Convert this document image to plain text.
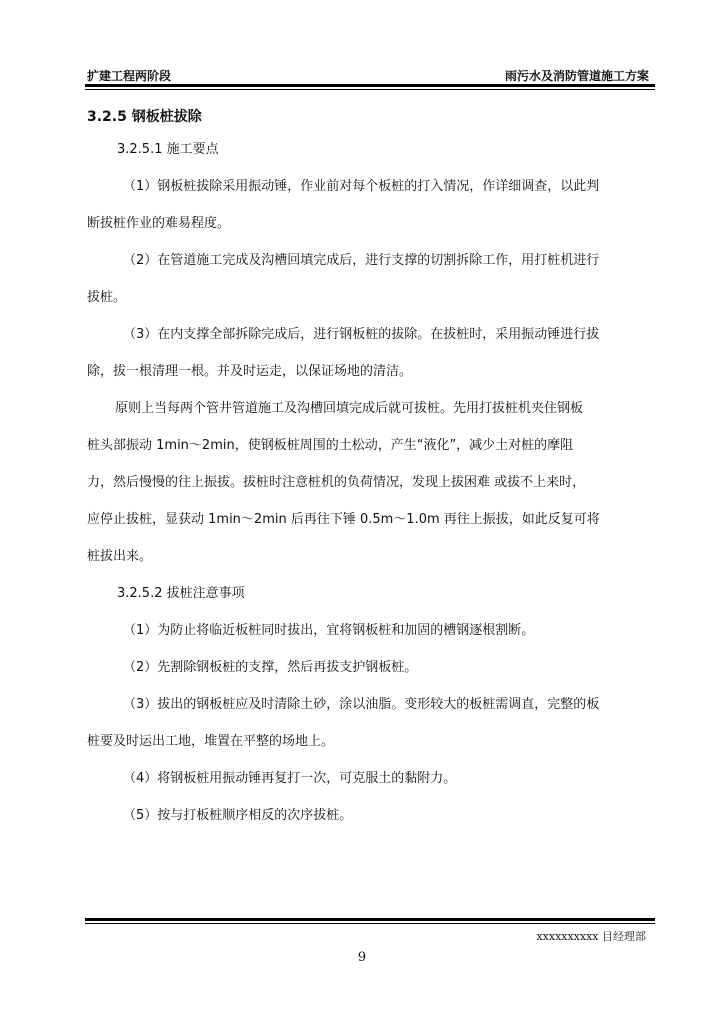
扩建工程两阶段	雨污水及消防管道施工方案
3.2.5 钢板桩拔除
3.2.5.1 施工要点
（1）钢板桩拔除采用振动锤，作业前对每个板桩的打入情况，作详细调查，以此判
断拔桩作业的难易程度。
（2）在管道施工完成及沟槽回填完成后，进行支撑的切割拆除工作，用打桩机进行
拔桩。
（3）在内支撑全部拆除完成后，进行钢板桩的拔除。在拔桩时，采用振动锤进行拔
除，拔一根清理一根。并及时运走，以保证场地的清洁。
原则上当每两个管井管道施工及沟槽回填完成后就可拔桩。先用打拔桩机夹住钢板
桩头部振动 1min～2min，使钢板桩周围的土松动，产生“液化”，减少土对桩的摩阻
力，然后慢慢的往上振拔。拔桩时注意桩机的负荷情况，发现上拔困难 或拔不上来时，
应停止拔桩，显获动 1min～2min 后再往下锤 0.5m～1.0m 再往上振拔，如此反复可将
桩拔出来。
3.2.5.2 拔桩注意事项
（1）为防止将临近板桩同时拔出，宜将钢板桩和加固的槽钢逐根割断。
（2）先割除钢板桩的支撑，然后再拔支护钢板桩。
（3）拔出的钢板桩应及时清除土砂，涂以油脂。变形较大的板桩需调直，完整的板
桩要及时运出工地，堆置在平整的场地上。
（4）将钢板桩用振动锤再复打一次，可克服土的黏附力。
（5）按与打板桩顺序相反的次序拔桩。
xxxxxxxxxx 目经理部
9
